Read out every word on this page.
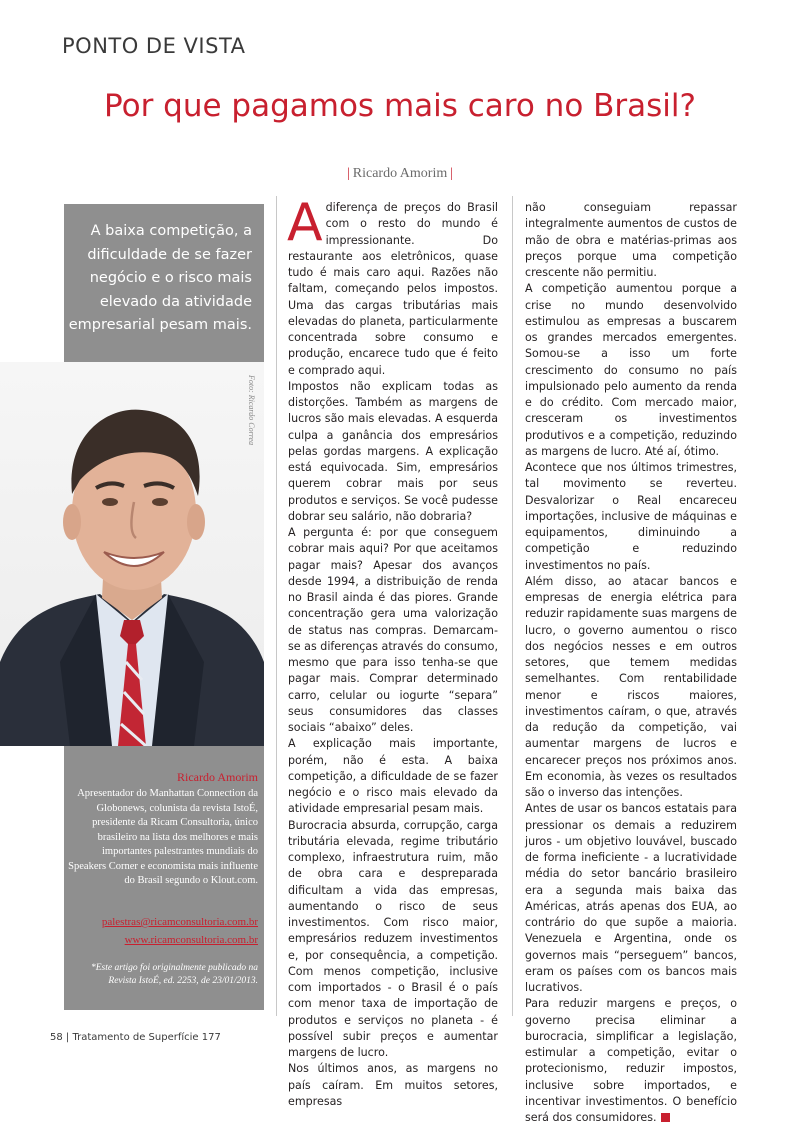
PONTO DE VISTA
Por que pagamos mais caro no Brasil?
| Ricardo Amorim |
A baixa competição, a dificuldade de se fazer negócio e o risco mais elevado da atividade empresarial pesam mais.
Foto: Ricardo Correa
Ricardo Amorim
Apresentador do Manhattan Connection da Globonews, colunista da revista IstoÉ, presidente da Ricam Consultoria, único brasileiro na lista dos melhores e mais importantes palestrantes mundiais do Speakers Corner e economista mais influente do Brasil segundo o Klout.com.
palestras@ricamconsultoria.com.br
www.ricamconsultoria.com.br
*Este artigo foi originalmente publicado na Revista IstoÉ, ed. 2253, de 23/01/2013.

Adiferença de preços do Brasil com o resto do mundo é impressionante. Do restaurante aos eletrônicos, quase tudo é mais caro aqui. Razões não faltam, começando pelos impostos. Uma das cargas tributárias mais elevadas do planeta, particularmente concentrada sobre consumo e produção, encarece tudo que é feito e comprado aqui.

Impostos não explicam todas as distorções. Também as margens de lucros são mais elevadas. A esquerda culpa a ganância dos empresários pelas gordas margens. A explicação está equivocada. Sim, empresários querem cobrar mais por seus produtos e serviços. Se você pudesse dobrar seu salário, não dobraria?

A pergunta é: por que conseguem cobrar mais aqui? Por que aceitamos pagar mais? Apesar dos avanços desde 1994, a distribuição de renda no Brasil ainda é das piores. Grande concentração gera uma valorização de status nas compras. Demarcam-se as diferenças através do consumo, mesmo que para isso tenha-se que pagar mais. Comprar determinado carro, celular ou iogurte “separa” seus consumidores das classes sociais “abaixo” deles.

A explicação mais importante, porém, não é esta. A baixa competição, a dificuldade de se fazer negócio e o risco mais elevado da atividade empresarial pesam mais.

Burocracia absurda, corrupção, carga tributária elevada, regime tributário complexo, infraestrutura ruim, mão de obra cara e despreparada dificultam a vida das empresas, aumentando o risco de seus investimentos. Com risco maior, empresários reduzem investimentos e, por consequência, a competição. Com menos competição, inclusive com importados - o Brasil é o país com menor taxa de importação de produtos e serviços no planeta - é possível subir preços e aumentar margens de lucro.

Nos últimos anos, as margens no país caíram. Em muitos setores, empresas

não conseguiam repassar integralmente aumentos de custos de mão de obra e matérias-primas aos preços porque uma competição crescente não permitiu.

A competição aumentou porque a crise no mundo desenvolvido estimulou as empresas a buscarem os grandes mercados emergentes. Somou-se a isso um forte crescimento do consumo no país impulsionado pelo aumento da renda e do crédito. Com mercado maior, cresceram os investimentos produtivos e a competição, reduzindo as margens de lucro. Até aí, ótimo.

Acontece que nos últimos trimestres, tal movimento se reverteu. Desvalorizar o Real encareceu importações, inclusive de máquinas e equipamentos, diminuindo a competição e reduzindo investimentos no país.

Além disso, ao atacar bancos e empresas de energia elétrica para reduzir rapidamente suas margens de lucro, o governo aumentou o risco dos negócios nesses e em outros setores, que temem medidas semelhantes. Com rentabilidade menor e riscos maiores, investimentos caíram, o que, através da redução da competição, vai aumentar margens de lucros e encarecer preços nos próximos anos. Em economia, às vezes os resultados são o inverso das intenções.

Antes de usar os bancos estatais para pressionar os demais a reduzirem juros - um objetivo louvável, buscado de forma ineficiente - a lucratividade média do setor bancário brasileiro era a segunda mais baixa das Américas, atrás apenas dos EUA, ao contrário do que supõe a maioria. Venezuela e Argentina, onde os governos mais “perseguem” bancos, eram os países com os bancos mais lucrativos.

Para reduzir margens e preços, o governo precisa eliminar a burocracia, simplificar a legislação, estimular a competição, evitar o protecionismo, reduzir impostos, inclusive sobre importados, e incentivar investimentos. O benefício será dos consumidores.

58 | Tratamento de Superfície 177
